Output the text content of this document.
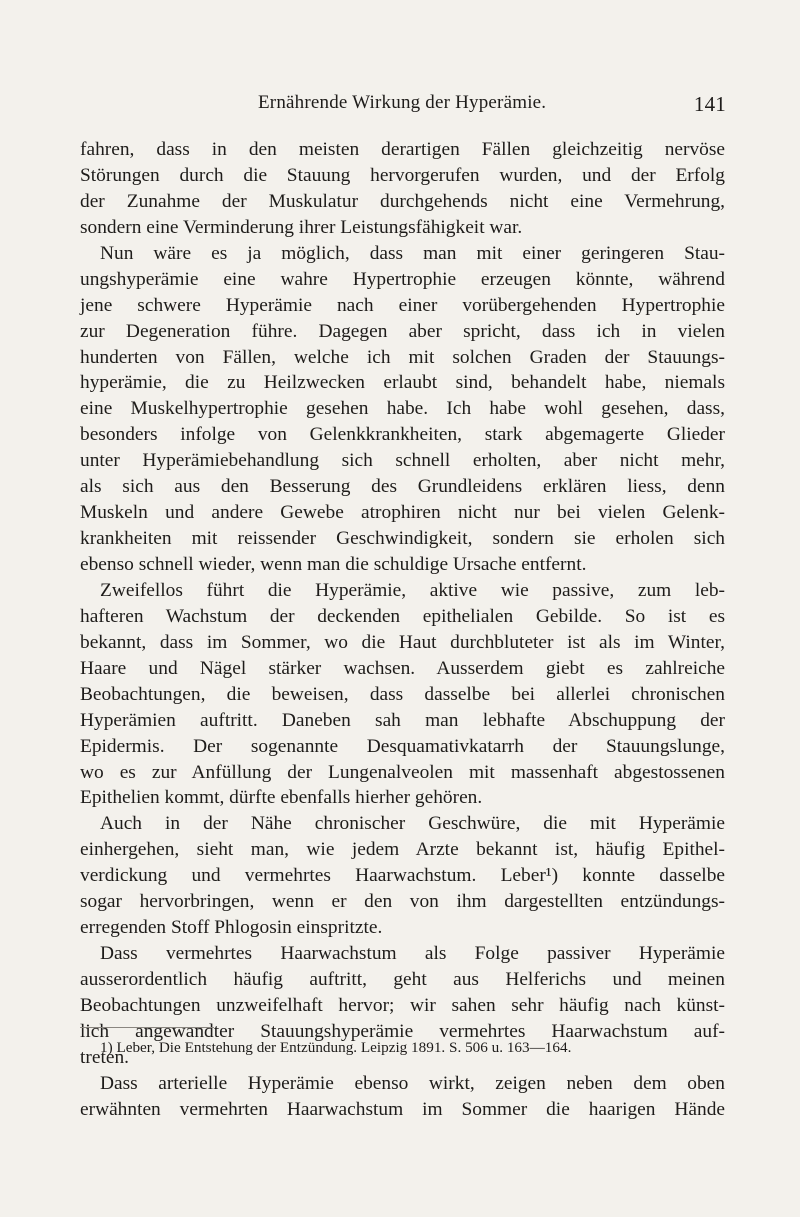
Ernährende Wirkung der Hyperämie.	141
fahren, dass in den meisten derartigen Fällen gleichzeitig nervöse
Störungen durch die Stauung hervorgerufen wurden, und der Erfolg
der Zunahme der Muskulatur durchgehends nicht eine Vermehrung,
sondern eine Verminderung ihrer Leistungsfähigkeit war.
Nun wäre es ja möglich, dass man mit einer geringeren Stau-
ungshyperämie eine wahre Hypertrophie erzeugen könnte, während
jene schwere Hyperämie nach einer vorübergehenden Hypertrophie
zur Degeneration führe. Dagegen aber spricht, dass ich in vielen
hunderten von Fällen, welche ich mit solchen Graden der Stauungs-
hyperämie, die zu Heilzwecken erlaubt sind, behandelt habe, niemals
eine Muskelhypertrophie gesehen habe. Ich habe wohl gesehen, dass,
besonders infolge von Gelenkkrankheiten, stark abgemagerte Glieder
unter Hyperämiebehandlung sich schnell erholten, aber nicht mehr,
als sich aus den Besserung des Grundleidens erklären liess, denn
Muskeln und andere Gewebe atrophiren nicht nur bei vielen Gelenk-
krankheiten mit reissender Geschwindigkeit, sondern sie erholen sich
ebenso schnell wieder, wenn man die schuldige Ursache entfernt.
Zweifellos führt die Hyperämie, aktive wie passive, zum leb-
hafteren Wachstum der deckenden epithelialen Gebilde. So ist es
bekannt, dass im Sommer, wo die Haut durchbluteter ist als im Winter,
Haare und Nägel stärker wachsen. Ausserdem giebt es zahlreiche
Beobachtungen, die beweisen, dass dasselbe bei allerlei chronischen
Hyperämien auftritt. Daneben sah man lebhafte Abschuppung der
Epidermis. Der sogenannte Desquamativkatarrh der Stauungslunge,
wo es zur Anfüllung der Lungenalveolen mit massenhaft abgestossenen
Epithelien kommt, dürfte ebenfalls hierher gehören.
Auch in der Nähe chronischer Geschwüre, die mit Hyperämie
einhergehen, sieht man, wie jedem Arzte bekannt ist, häufig Epithel-
verdickung und vermehrtes Haarwachstum. Leber¹) konnte dasselbe
sogar hervorbringen, wenn er den von ihm dargestellten entzündungs-
erregenden Stoff Phlogosin einspritzte.
Dass vermehrtes Haarwachstum als Folge passiver Hyperämie
ausserordentlich häufig auftritt, geht aus Helferichs und meinen
Beobachtungen unzweifelhaft hervor; wir sahen sehr häufig nach künst-
lich angewandter Stauungshyperämie vermehrtes Haarwachstum auf-
treten.
Dass arterielle Hyperämie ebenso wirkt, zeigen neben dem oben
erwähnten vermehrten Haarwachstum im Sommer die haarigen Hände
1) Leber, Die Entstehung der Entzündung. Leipzig 1891. S. 506 u. 163—164.
